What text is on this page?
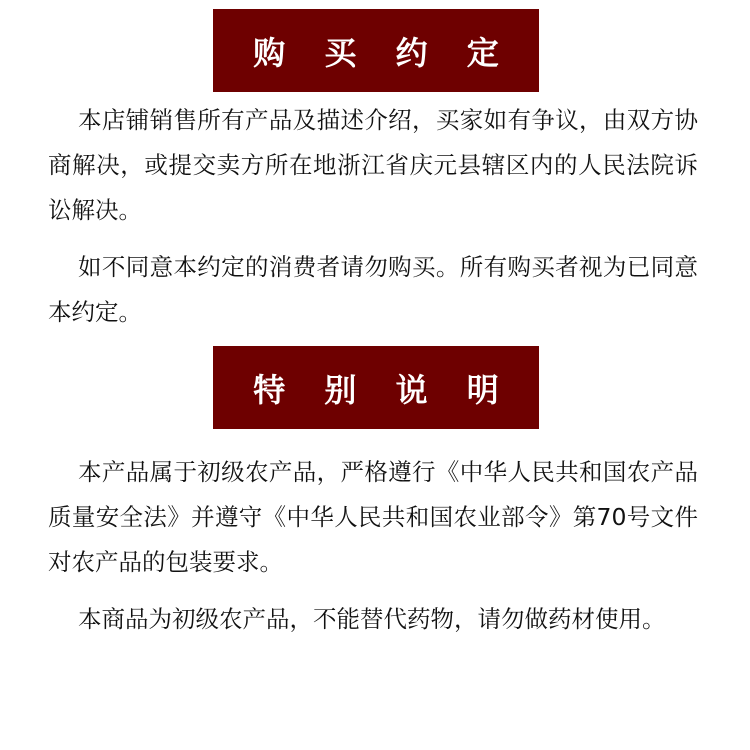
购 买 约 定

本店铺销售所有产品及描述介绍，买家如有争议，由双方协商解决，或提交卖方所在地浙江省庆元县辖区内的人民法院诉讼解决。

如不同意本约定的消费者请勿购买。所有购买者视为已同意本约定。

特 别 说 明

本产品属于初级农产品，严格遵行《中华人民共和国农产品质量安全法》并遵守《中华人民共和国农业部令》第70号文件对农产品的包装要求。

本商品为初级农产品，不能替代药物，请勿做药材使用。
